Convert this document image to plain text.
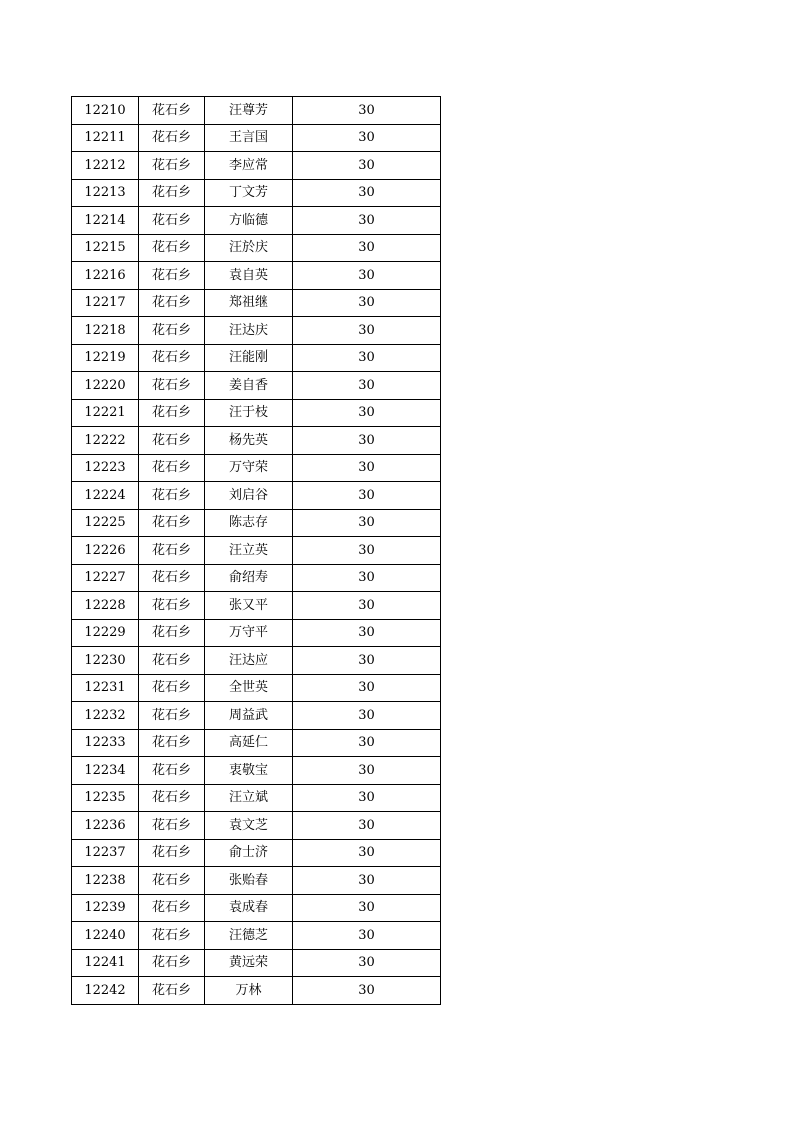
12210	花石乡	汪尊芳	30
12211	花石乡	王言国	30
12212	花石乡	李应常	30
12213	花石乡	丁文芳	30
12214	花石乡	方临德	30
12215	花石乡	汪於庆	30
12216	花石乡	袁自英	30
12217	花石乡	郑祖继	30
12218	花石乡	汪达庆	30
12219	花石乡	汪能刚	30
12220	花石乡	姜自香	30
12221	花石乡	汪于枝	30
12222	花石乡	杨先英	30
12223	花石乡	万守荣	30
12224	花石乡	刘启谷	30
12225	花石乡	陈志存	30
12226	花石乡	汪立英	30
12227	花石乡	俞绍寿	30
12228	花石乡	张又平	30
12229	花石乡	万守平	30
12230	花石乡	汪达应	30
12231	花石乡	全世英	30
12232	花石乡	周益武	30
12233	花石乡	高延仁	30
12234	花石乡	衷敬宝	30
12235	花石乡	汪立斌	30
12236	花石乡	袁文芝	30
12237	花石乡	俞士济	30
12238	花石乡	张贻春	30
12239	花石乡	袁成春	30
12240	花石乡	汪德芝	30
12241	花石乡	黄远荣	30
12242	花石乡	万林	30
